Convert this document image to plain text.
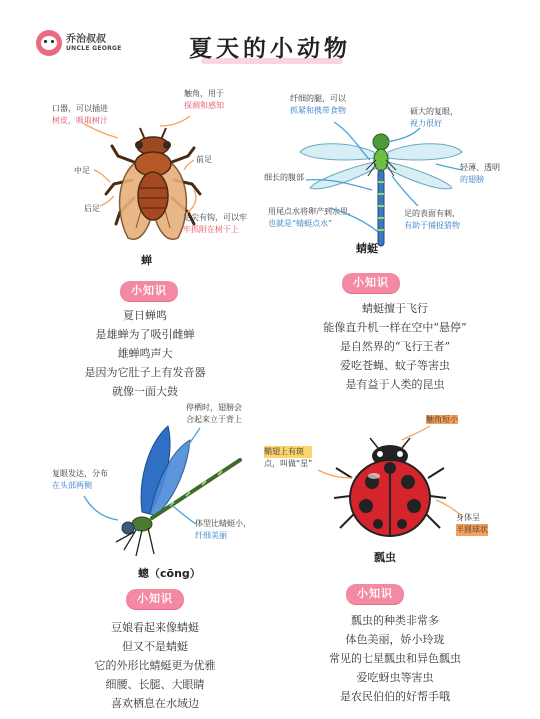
乔治叔叔
UNCLE GEORGE	夏天的小动物
口器，可以插进
树皮，吸取树汁
触角，用于
探测和感知
中足
前足
后足
足尖有钩，可以牢
牢抓附在树干上
蝉
纤细的腿，可以
抓紧和携带食物	硕大的复眼，
视力很好
细长的腹部
轻薄、透明
的翅膀
用尾点水将卵产到水里，
也就是“蜻蜓点水”
足的表面有刺，
有助于捕捉猎物
蜻蜓
小知识
小知识
夏日蝉鸣
是雄蝉为了吸引雌蝉
雄蝉鸣声大
是因为它肚子上有发音器
就像一面大鼓
蜻蜓擅于飞行
能像直升机一样在空中“悬停”
是自然界的“飞行王者”
爱吃苍蝇、蚊子等害虫
是有益于人类的昆虫
停栖时，翅膀会
合起来立于背上
复眼发达，分布
在头部两侧
体型比蜻蜓小，
纤细美丽
蟌（cōng）
触角短小
鞘翅上有斑
点，叫做“星”
身体呈
半圆球状
瓢虫
小知识	小知识
豆娘看起来像蜻蜓
但又不是蜻蜓
它的外形比蜻蜓更为优雅
细腰、长腿、大眼睛
喜欢栖息在水域边
瓢虫的种类非常多
体色美丽，娇小玲珑
常见的七星瓢虫和异色瓢虫
爱吃蚜虫等害虫
是农民伯伯的好帮手哦
